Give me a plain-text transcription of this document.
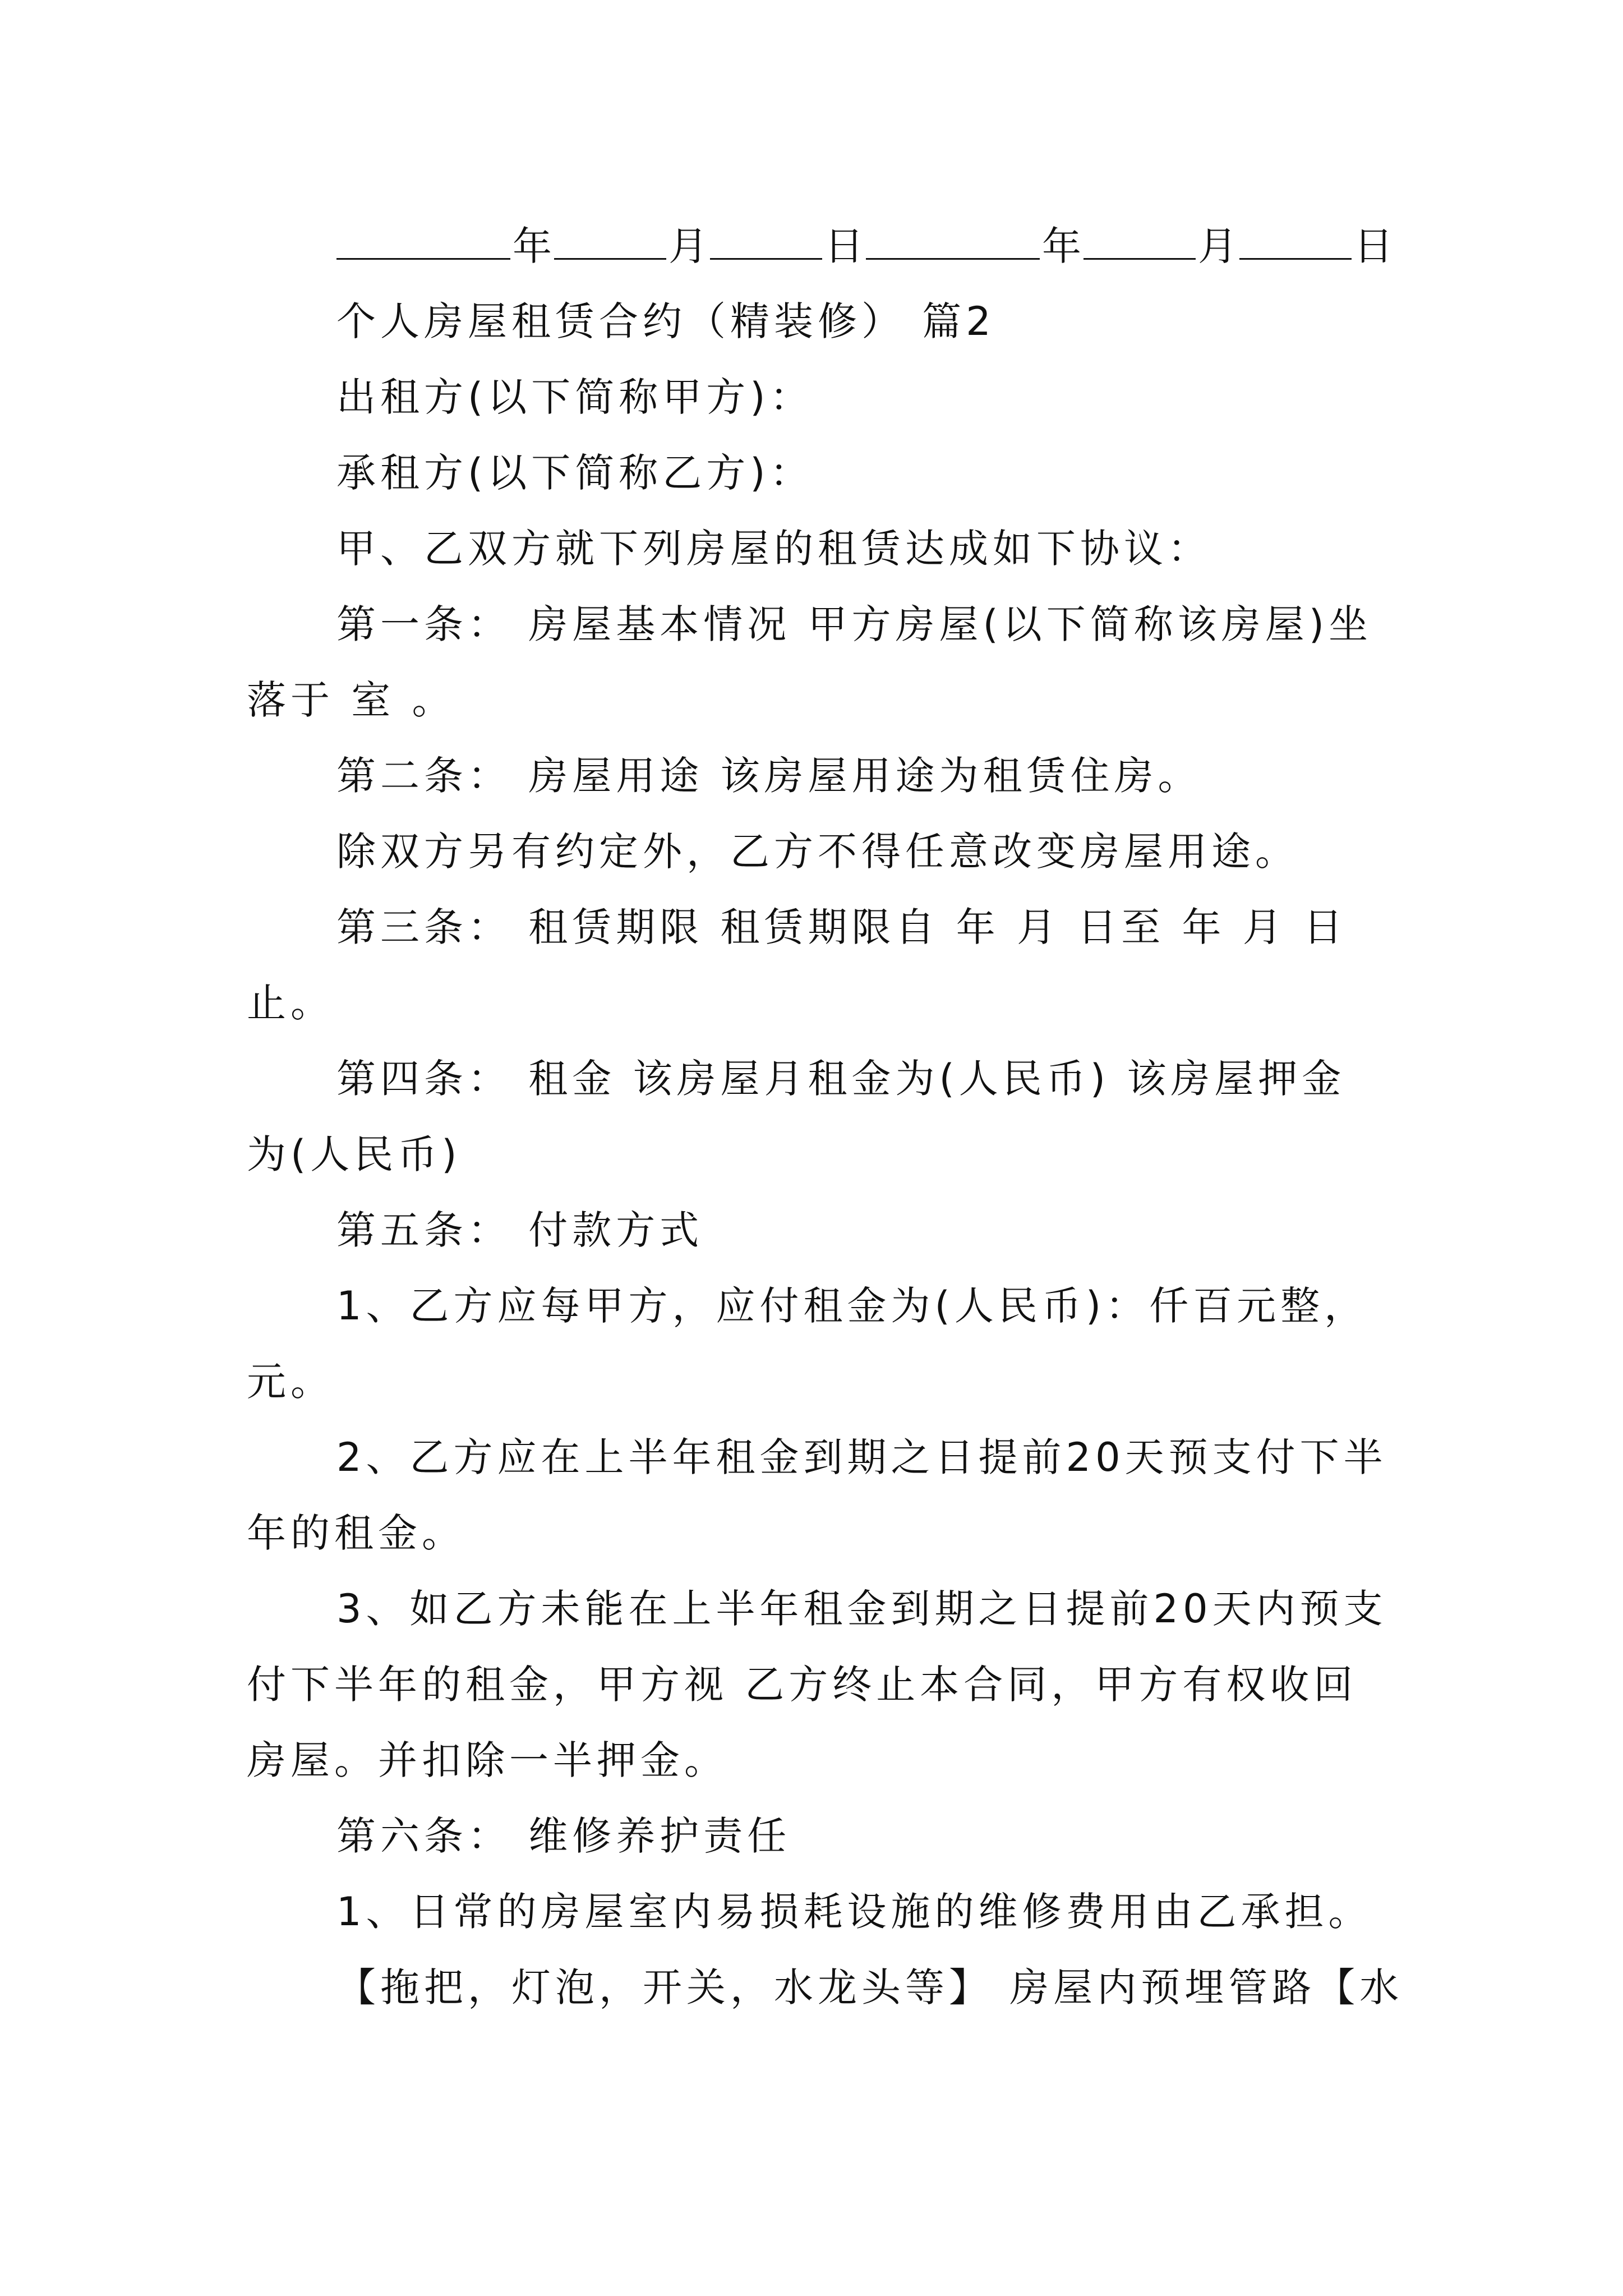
年	月	日	年	月	日
个人房屋租赁合约（精装修） 篇2
出租方(以下简称甲方)：
承租方(以下简称乙方)：
甲、乙双方就下列房屋的租赁达成如下协议：
第一条： 房屋基本情况 甲方房屋(以下简称该房屋)坐
落于 室 。
第二条： 房屋用途 该房屋用途为租赁住房。
除双方另有约定外，乙方不得任意改变房屋用途。
第三条： 租赁期限 租赁期限自 年 月 日至 年 月 日
止。
第四条： 租金 该房屋月租金为(人民币) 该房屋押金
为(人民币)
第五条： 付款方式
1、乙方应每甲方，应付租金为(人民币)：仟百元整，
元。
2、乙方应在上半年租金到期之日提前20天预支付下半
年的租金。
3、如乙方未能在上半年租金到期之日提前20天内预支
付下半年的租金，甲方视 乙方终止本合同，甲方有权收回
房屋。并扣除一半押金。
第六条： 维修养护责任
1、日常的房屋室内易损耗设施的维修费用由乙承担。
【拖把，灯泡，开关，水龙头等】 房屋内预埋管路【水
